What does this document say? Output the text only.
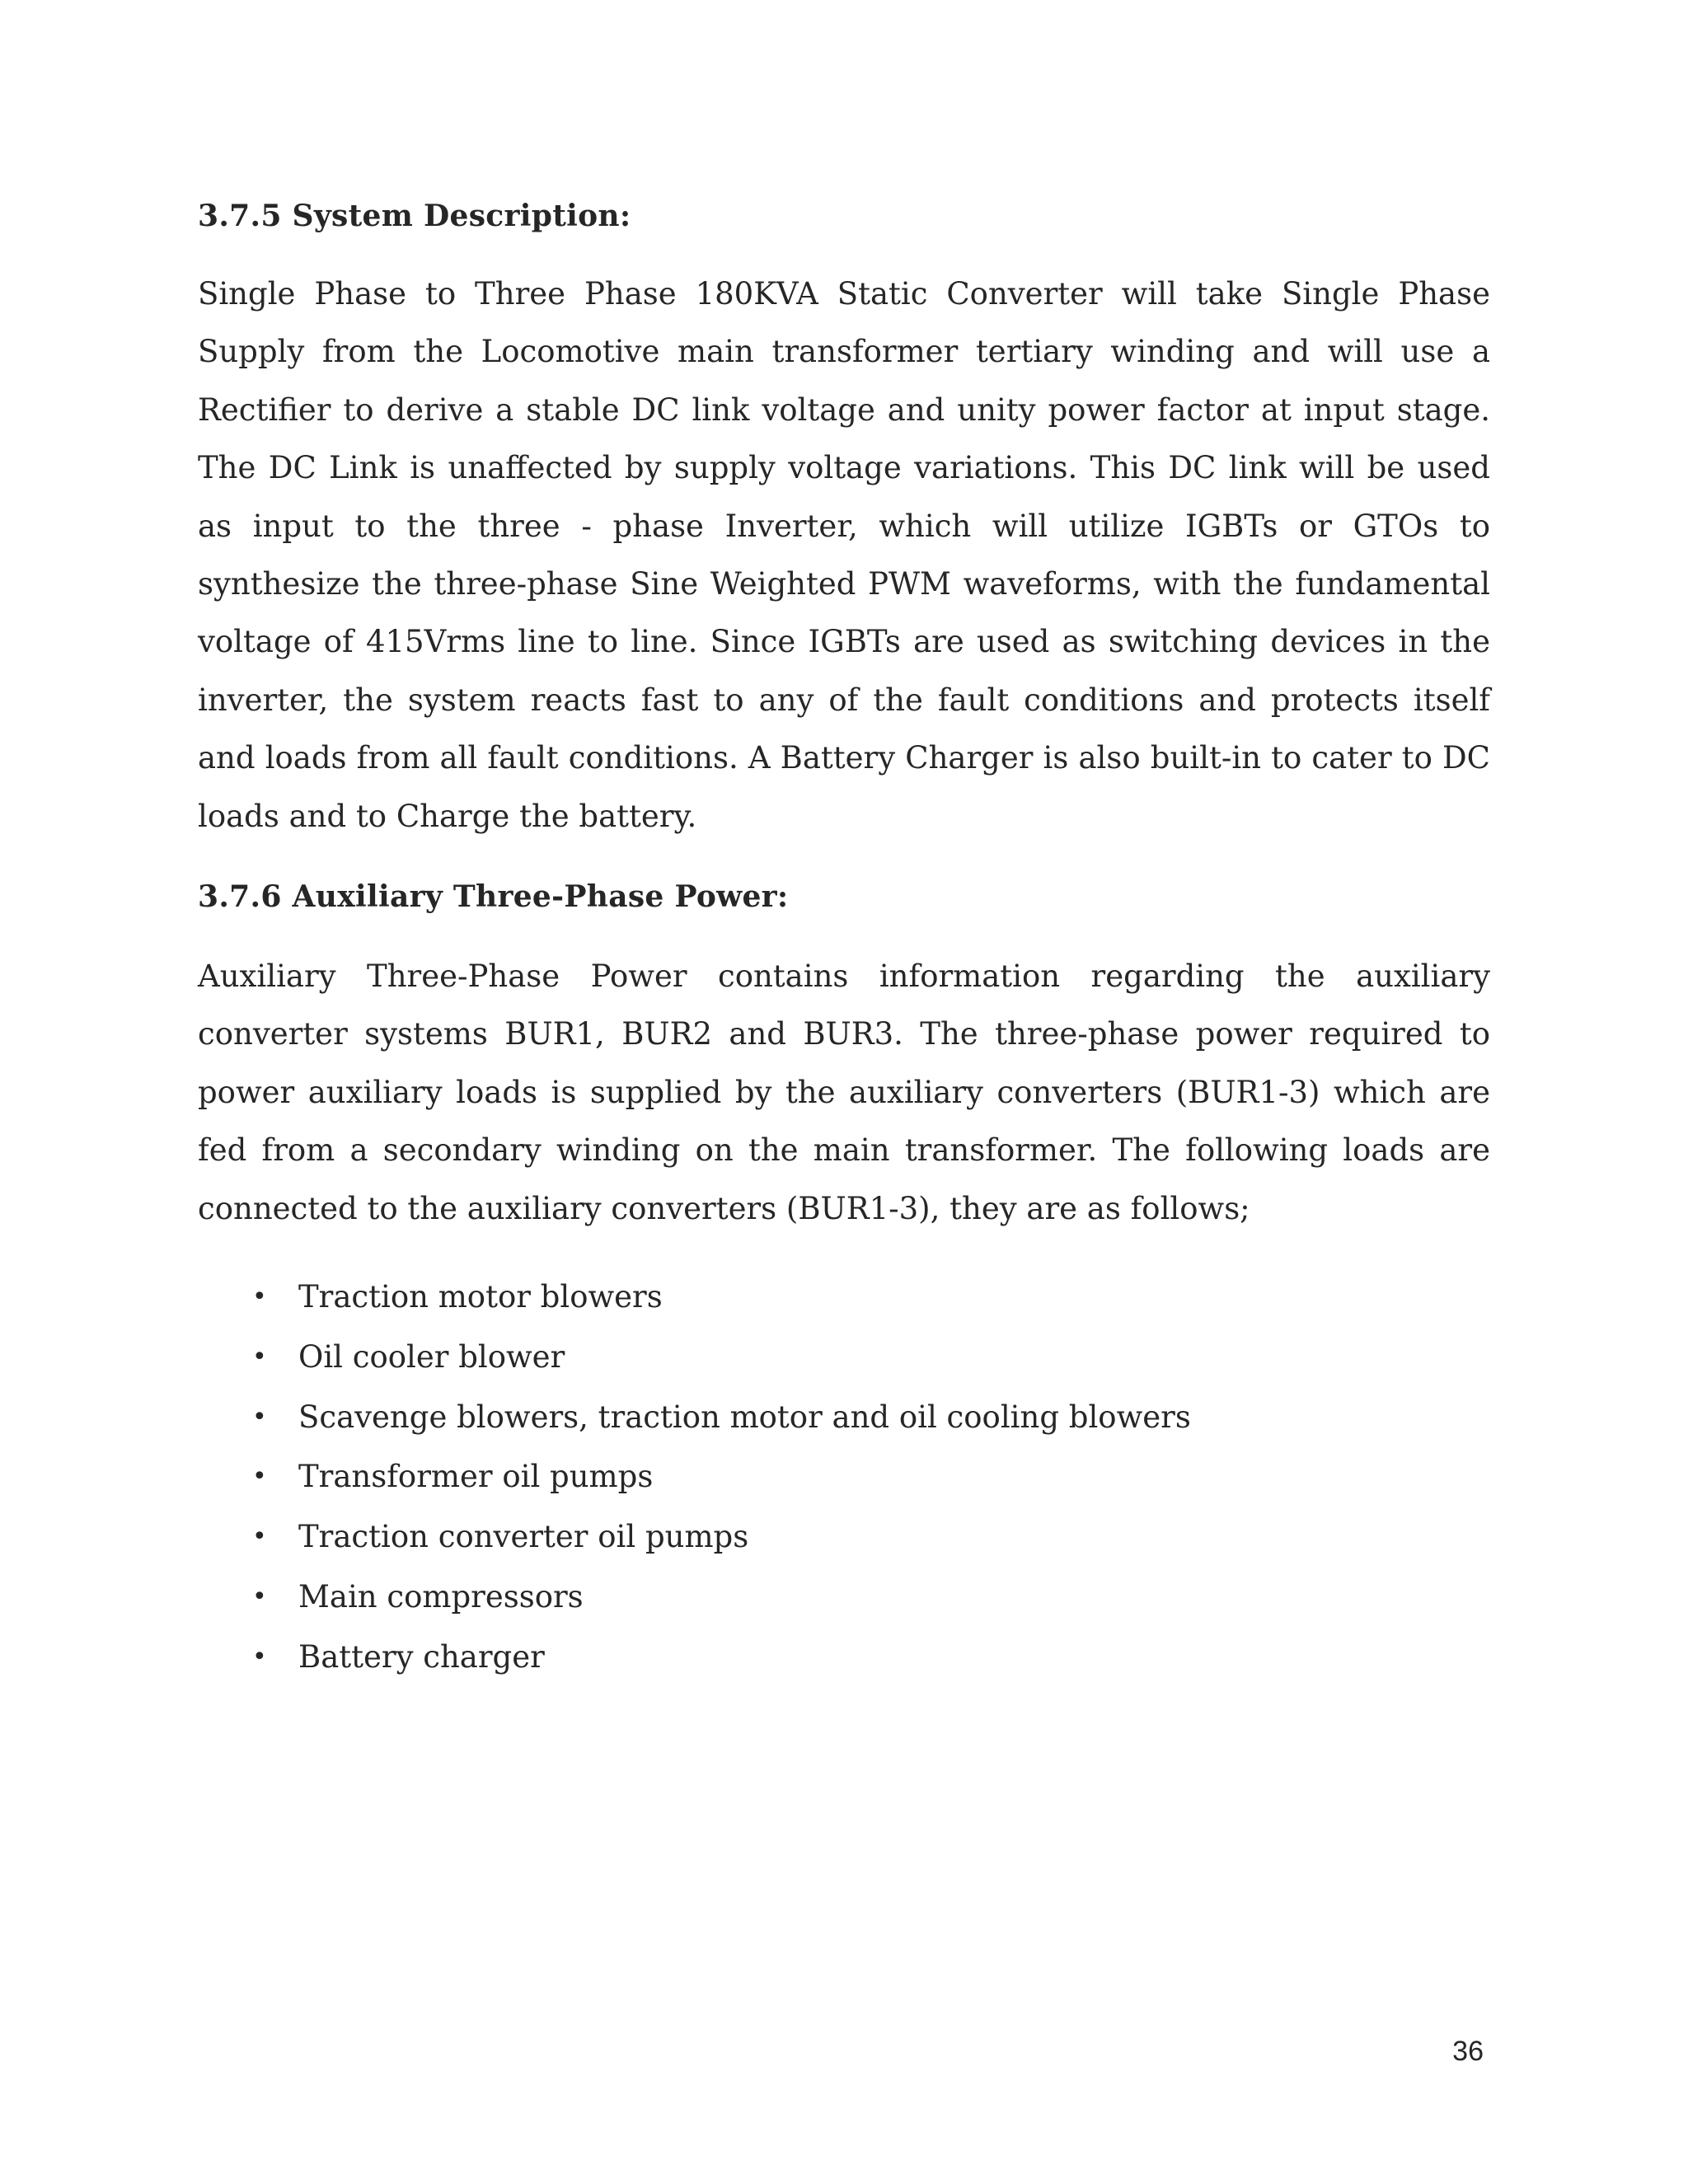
3.7.5 System Description:

Single Phase to Three Phase 180KVA Static Converter will take Single Phase Supply from the Locomotive main transformer tertiary winding and will use a Rectifier to derive a stable DC link voltage and unity power factor at input stage. The DC Link is unaffected by supply voltage variations. This DC link will be used as input to the three - phase Inverter, which will utilize IGBTs or GTOs to synthesize the three-phase Sine Weighted PWM waveforms, with the fundamental voltage of 415Vrms line to line. Since IGBTs are used as switching devices in the inverter, the system reacts fast to any of the fault conditions and protects itself and loads from all fault conditions. A Battery Charger is also built-in to cater to DC loads and to Charge the battery.

3.7.6 Auxiliary Three-Phase Power:

Auxiliary Three-Phase Power contains information regarding the auxiliary converter systems BUR1, BUR2 and BUR3. The three-phase power required to power auxiliary loads is supplied by the auxiliary converters (BUR1-3) which are fed from a secondary winding on the main transformer. The following loads are connected to the auxiliary converters (BUR1-3), they are as follows;

• Traction motor blowers
• Oil cooler blower
• Scavenge blowers, traction motor and oil cooling blowers
• Transformer oil pumps
• Traction converter oil pumps
• Main compressors
• Battery charger
36
